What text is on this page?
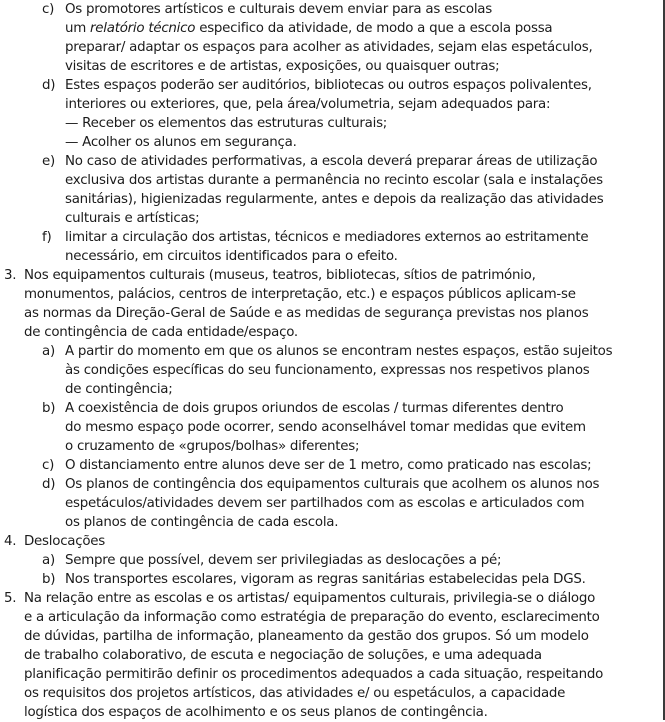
c) Os promotores artísticos e culturais devem enviar para as escolas
um relatório técnico especifico da atividade, de modo a que a escola possa
preparar/ adaptar os espaços para acolher as atividades, sejam elas espetáculos,
visitas de escritores e de artistas, exposições, ou quaisquer outras;
d) Estes espaços poderão ser auditórios, bibliotecas ou outros espaços polivalentes,
interiores ou exteriores, que, pela área/volumetria, sejam adequados para:
— Receber os elementos das estruturas culturais;
— Acolher os alunos em segurança.
e) No caso de atividades performativas, a escola deverá preparar áreas de utilização
exclusiva dos artistas durante a permanência no recinto escolar (sala e instalações
sanitárias), higienizadas regularmente, antes e depois da realização das atividades
culturais e artísticas;
f) limitar a circulação dos artistas, técnicos e mediadores externos ao estritamente
necessário, em circuitos identificados para o efeito.
3. Nos equipamentos culturais (museus, teatros, bibliotecas, sítios de património,
monumentos, palácios, centros de interpretação, etc.) e espaços públicos aplicam-se
as normas da Direção-Geral de Saúde e as medidas de segurança previstas nos planos
de contingência de cada entidade/espaço.
a) A partir do momento em que os alunos se encontram nestes espaços, estão sujeitos
às condições específicas do seu funcionamento, expressas nos respetivos planos
de contingência;
b) A coexistência de dois grupos oriundos de escolas / turmas diferentes dentro
do mesmo espaço pode ocorrer, sendo aconselhável tomar medidas que evitem
o cruzamento de «grupos/bolhas» diferentes;
c) O distanciamento entre alunos deve ser de 1 metro, como praticado nas escolas;
d) Os planos de contingência dos equipamentos culturais que acolhem os alunos nos
espetáculos/atividades devem ser partilhados com as escolas e articulados com
os planos de contingência de cada escola.
4. Deslocações
a) Sempre que possível, devem ser privilegiadas as deslocações a pé;
b) Nos transportes escolares, vigoram as regras sanitárias estabelecidas pela DGS.
5. Na relação entre as escolas e os artistas/ equipamentos culturais, privilegia-se o diálogo
e a articulação da informação como estratégia de preparação do evento, esclarecimento
de dúvidas, partilha de informação, planeamento da gestão dos grupos. Só um modelo
de trabalho colaborativo, de escuta e negociação de soluções, e uma adequada
planificação permitirão definir os procedimentos adequados a cada situação, respeitando
os requisitos dos projetos artísticos, das atividades e/ ou espetáculos, a capacidade
logística dos espaços de acolhimento e os seus planos de contingência.
